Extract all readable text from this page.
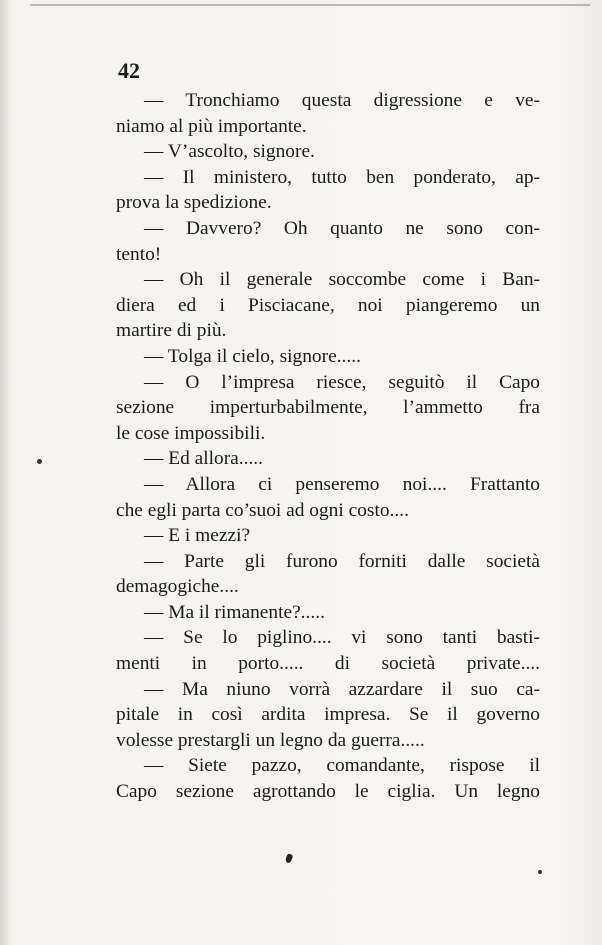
42
— Tronchiamo questa digressione e ve-
niamo al più importante.
— V’ascolto, signore.
— Il ministero, tutto ben ponderato, ap-
prova la spedizione.
— Davvero? Oh quanto ne sono con-
tento!
— Oh il generale soccombe come i Ban-
diera ed i Pisciacane, noi piangeremo un
martire di più.
— Tolga il cielo, signore.....
— O l’impresa riesce, seguitò il Capo
sezione imperturbabilmente, l’ammetto fra
le cose impossibili.
— Ed allora.....
— Allora ci penseremo noi.... Frattanto
che egli parta co’suoi ad ogni costo....
— E i mezzi?
— Parte gli furono forniti dalle società
demagogiche....
— Ma il rimanente?.....
— Se lo piglino.... vi sono tanti basti-
menti in porto..... di società private....
— Ma niuno vorrà azzardare il suo ca-
pitale in così ardita impresa. Se il governo
volesse prestargli un legno da guerra.....
— Siete pazzo, comandante, rispose il
Capo sezione agrottando le ciglia. Un legno
